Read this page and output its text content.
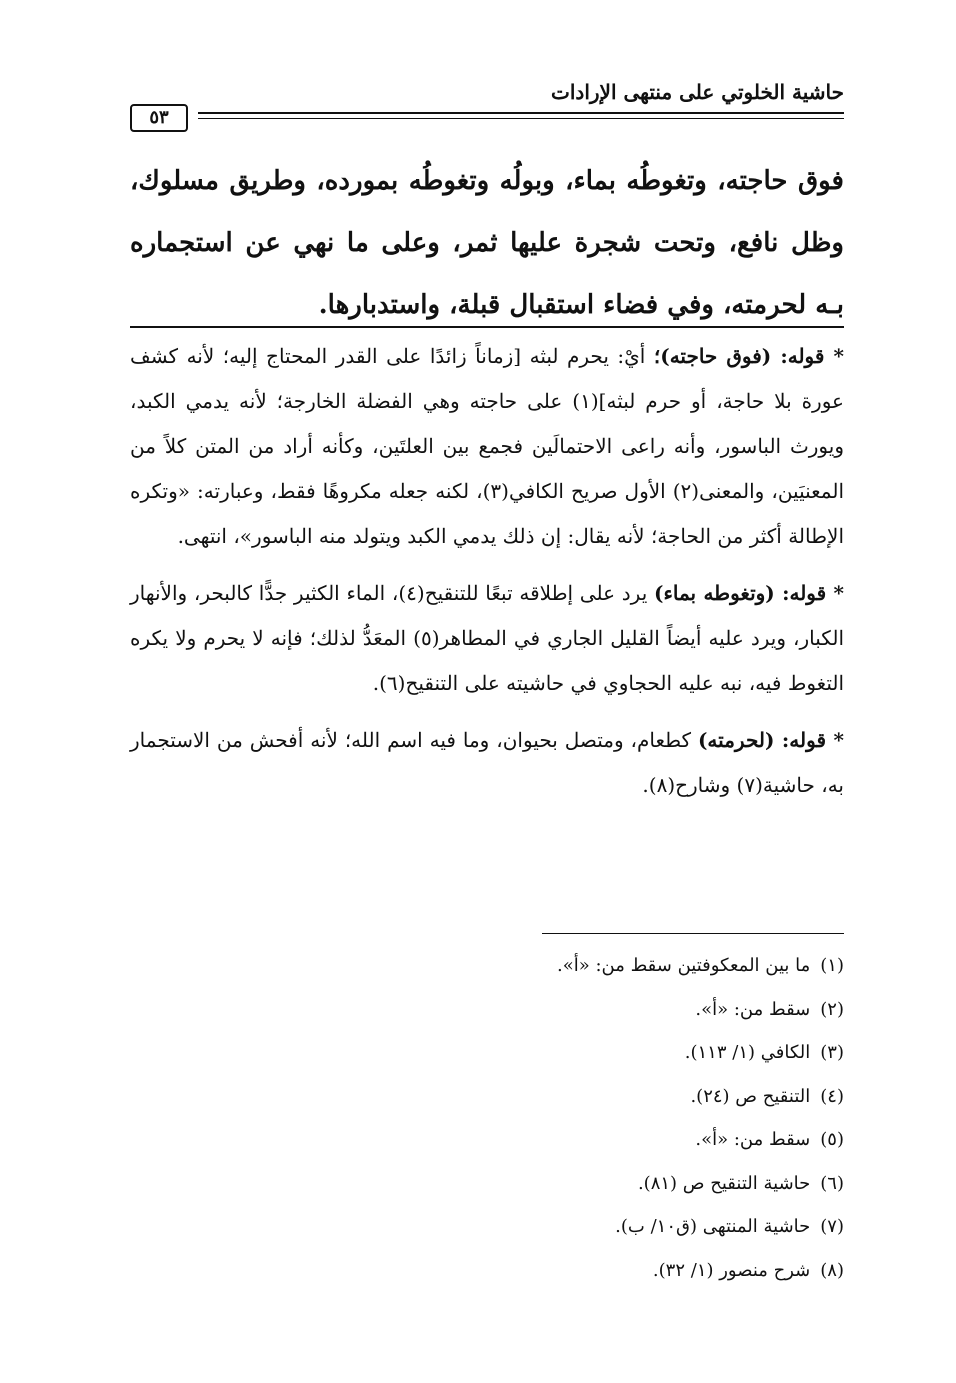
حاشية الخلوتي على منتهى الإرادات
٥٣
فوق حاجته، وتغوطُه بماء، وبولُه وتغوطُه بمورده، وطريق مسلوك، وظل نافع، وتحت شجرة عليها ثمر، وعلى ما نهي عن استجماره بـه لحرمته، وفي فضاء استقبال قبلة، واستدبارها.

* قوله: (فوق حاجته)؛ أيْ: يحرم لبثه [زماناً زائدًا على القدر المحتاج إليه؛ لأنه كشف عورة بلا حاجة، أو حرم لبثه](١) على حاجته وهي الفضلة الخارجة؛ لأنه يدمي الكبد، ويورث الباسور، وأنه راعى الاحتمالَين فجمع بين العلتَين، وكأنه أراد من المتن كلاً من المعنيَين، والمعنى(٢) الأول صريح الكافي(٣)، لكنه جعله مكروهًا فقط، وعبارته: «وتكره الإطالة أكثر من الحاجة؛ لأنه يقال: إن ذلك يدمي الكبد ويتولد منه الباسور»، انتهى.

* قوله: (وتغوطه بماء) يرد على إطلاقه تبعًا للتنقيح(٤)، الماء الكثير جدًّا كالبحر، والأنهار الكبار، ويرد عليه أيضاً القليل الجاري في المطاهر(٥) المعَدُّ لذلك؛ فإنه لا يحرم ولا يكره التغوط فيه، نبه عليه الحجاوي في حاشيته على التنقيح(٦).

* قوله: (لحرمته) كطعام، ومتصل بحيوان، وما فيه اسم الله؛ لأنه أفحش من الاستجمار به، حاشية(٧) وشارح(٨).

(١)ما بين المعكوفتين سقط من: «أ».
(٢)سقط من: «أ».
(٣)الكافي (١/ ١١٣).
(٤)التنقيح ص (٢٤).
(٥)سقط من: «أ».
(٦)حاشية التنقيح ص (٨١).
(٧)حاشية المنتهى (ق١٠/ ب).
(٨)شرح منصور (١/ ٣٢).
